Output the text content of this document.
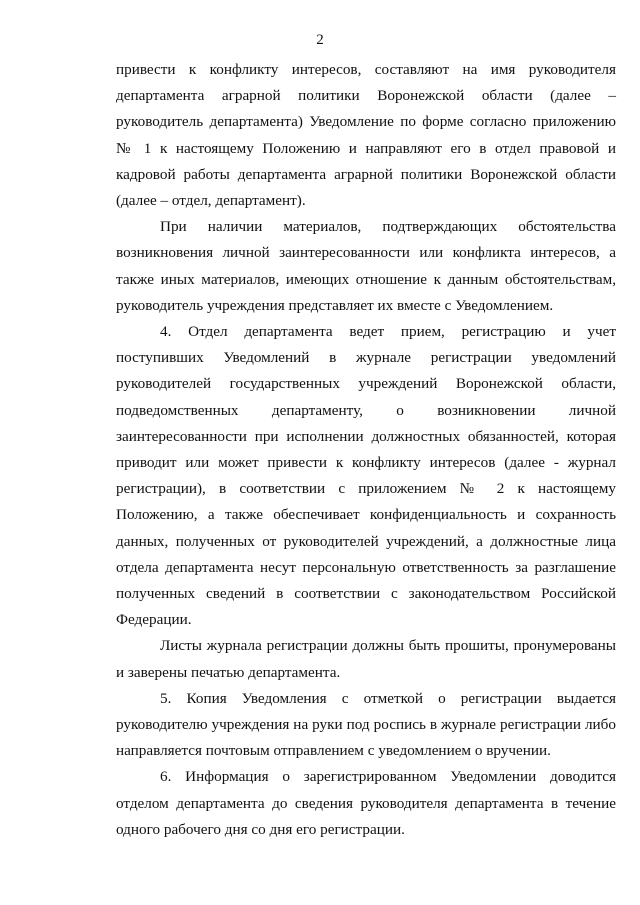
2

привести к конфликту интересов, составляют на имя руководителя департамента аграрной политики Воронежской области (далее – руководитель департамента) Уведомление по форме согласно приложению № 1 к настоящему Положению и направляют его в отдел правовой и кадровой работы департамента аграрной политики Воронежской области (далее – отдел, департамент).

При наличии материалов, подтверждающих обстоятельства возникновения личной заинтересованности или конфликта интересов, а также иных материалов, имеющих отношение к данным обстоятельствам, руководитель учреждения представляет их вместе с Уведомлением.

4. Отдел департамента ведет прием, регистрацию и учет поступивших Уведомлений в журнале регистрации уведомлений руководителей государственных учреждений Воронежской области, подведомственных департаменту, о возникновении личной заинтересованности при исполнении должностных обязанностей, которая приводит или может привести к конфликту интересов (далее - журнал регистрации), в соответствии с приложением № 2 к настоящему Положению, а также обеспечивает конфиденциальность и сохранность данных, полученных от руководителей учреждений, а должностные лица отдела департамента несут персональную ответственность за разглашение полученных сведений в соответствии с законодательством Российской Федерации.

Листы журнала регистрации должны быть прошиты, пронумерованы и заверены печатью департамента.

5. Копия Уведомления с отметкой о регистрации выдается руководителю учреждения на руки под роспись в журнале регистрации либо направляется почтовым отправлением с уведомлением о вручении.

6. Информация о зарегистрированном Уведомлении доводится отделом департамента до сведения руководителя департамента в течение одного рабочего дня со дня его регистрации.
